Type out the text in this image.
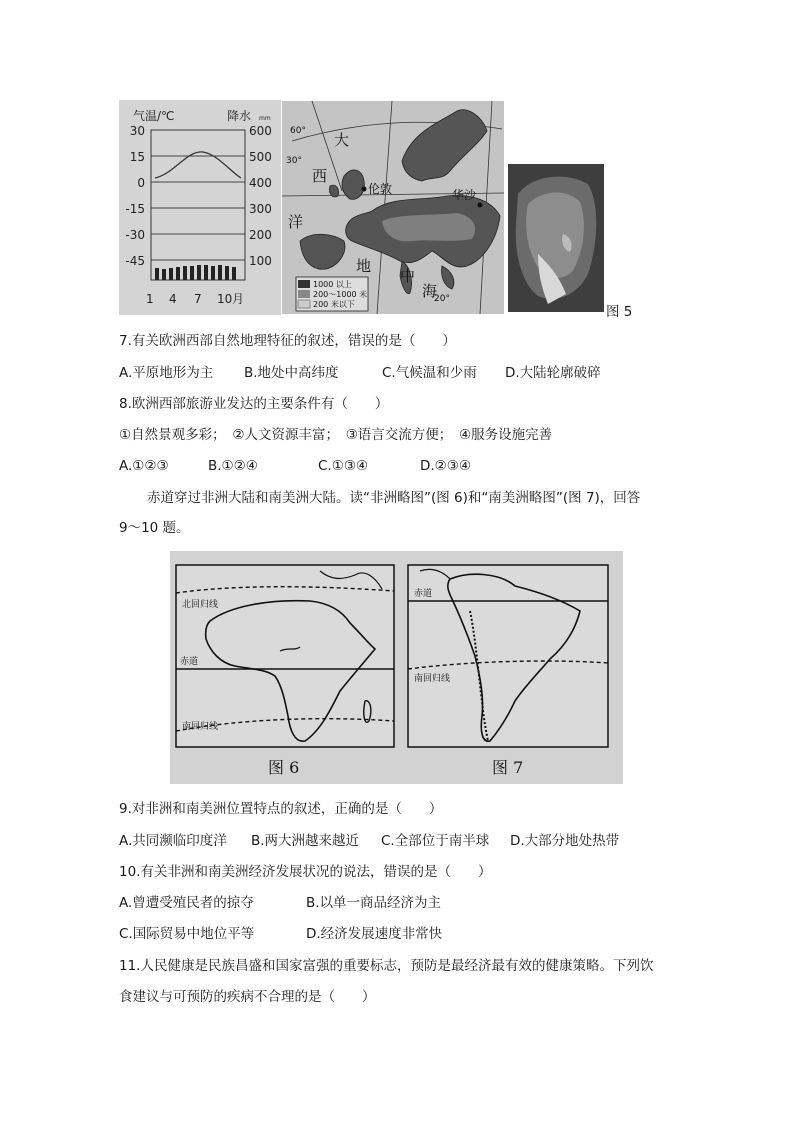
气温/℃	降水 mm
30
15
0
-15
-30
-45
600
500
400
300
200
100
1 4 7 10 月
大
西
洋
地
中
海
伦敦	华沙
60°
30°
20°
1000 以上
200～1000 米
200 米以下	图 5
7.有关欧洲西部自然地理特征的叙述，错误的是（　　）
A.平原地形为主 B.地处中高纬度	C.气候温和少雨 D.大陆轮廓破碎
8.欧洲西部旅游业发达的主要条件有（　　）
①自然景观多彩；　②人文资源丰富；　③语言交流方便；　④服务设施完善
A.①②③	B.①②④	C.①③④	D.②③④
赤道穿过非洲大陆和南美洲大陆。读“非洲略图”(图 6)和“南美洲略图”(图 7)，回答
9～10 题。
北回归线
赤道
南回归线
赤道
南回归线
图 6	图 7
9.对非洲和南美洲位置特点的叙述，正确的是（　　）
A.共同濒临印度洋 B.两大洲越来越近 C.全部位于南半球 D.大部分地处热带
10.有关非洲和南美洲经济发展状况的说法，错误的是（　　）
A.曾遭受殖民者的掠夺	B.以单一商品经济为主
C.国际贸易中地位平等	D.经济发展速度非常快
11.人民健康是民族昌盛和国家富强的重要标志，预防是最经济最有效的健康策略。下列饮
食建议与可预防的疾病不合理的是（　　）
